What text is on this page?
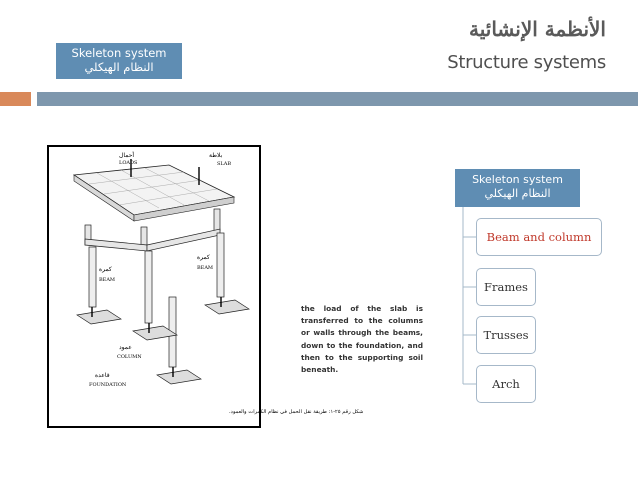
Skeleton system
النظام الهيكلي
الأنظمة الإنشائية
Structure systems
أحمال
LOADS
بلاطة
SLAB
كمرة
BEAM
كمرة
BEAM
عمود
COLUMN
قاعدة
FOUNDATION
شكل رقم ٢٥-١: طريقة نقل الحمل في نظام الكمرات والعمود.
the load of the slab is transferred to the columns or walls through the beams, down to the foundation, and then to the supporting soil beneath.
Skeleton system
النظام الهيكلي
Beam and column
Frames
Trusses
Arch
